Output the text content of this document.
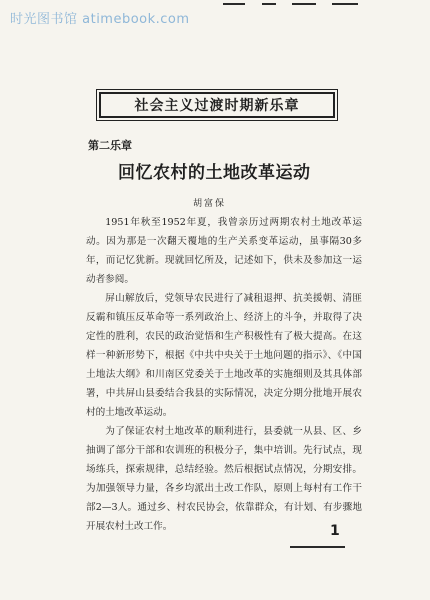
时光图书馆 atimebook.com
社会主义过渡时期新乐章
第二乐章
回忆农村的土地改革运动
胡富保

1951年秋至1952年夏，我曾亲历过两期农村土地改革运动。因为那是一次翻天覆地的生产关系变革运动，虽事隔30多年，而记忆犹新。现就回忆所及，记述如下，供未及参加这一运动者参阅。

屏山解放后，党领导农民进行了减租退押、抗美援朝、清匪反霸和镇压反革命等一系列政治上、经济上的斗争，并取得了决定性的胜利，农民的政治觉悟和生产积极性有了极大提高。在这样一种新形势下，根据《中共中央关于土地问题的指示》、《中国土地法大纲》和川南区党委关于土地改革的实施细则及其具体部署，中共屏山县委结合我县的实际情况，决定分期分批地开展农村的土地改革运动。

为了保证农村土地改革的顺利进行，县委就一从县、区、乡抽调了部分干部和农训班的积极分子，集中培训。先行试点，现场练兵，探索规律，总结经验。然后根据试点情况，分期安排。为加强领导力量，各乡均派出土改工作队，原则上每村有工作干部2—3人。通过乡、村农民协会，依靠群众，有计划、有步骤地开展农村土改工作。	1
